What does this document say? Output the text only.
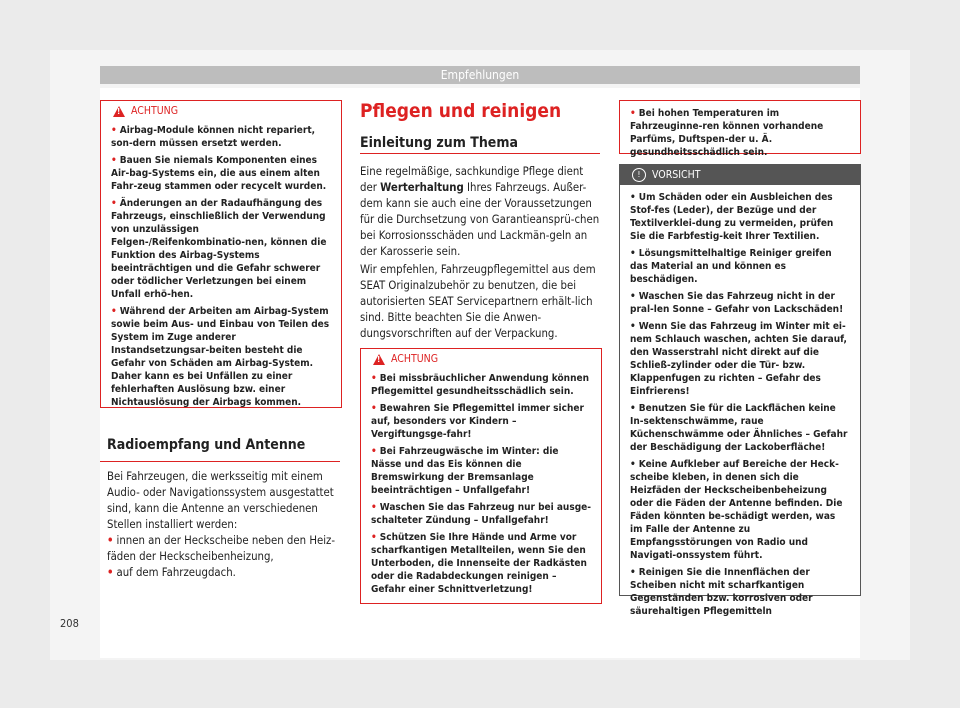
Empfehlungen
!
ACHTUNG
• Airbag-Module können nicht repariert, son-dern müssen ersetzt werden.
• Bauen Sie niemals Komponenten eines Air-bag-Systems ein, die aus einem alten Fahr-zeug stammen oder recycelt wurden.
• Änderungen an der Radaufhängung des Fahrzeugs, einschließlich der Verwendung von unzulässigen Felgen-/Reifenkombinatio-nen, können die Funktion des Airbag-Systems beeinträchtigen und die Gefahr schwerer oder tödlicher Verletzungen bei einem Unfall erhö-hen.
• Während der Arbeiten am Airbag-System sowie beim Aus- und Einbau von Teilen des System im Zuge anderer Instandsetzungsar-beiten besteht die Gefahr von Schäden am Airbag-System. Daher kann es bei Unfällen zu einer fehlerhaften Auslösung bzw. einer Nichtauslösung der Airbags kommen.
Radioempfang und Antenne

Bei Fahrzeugen, die werksseitig mit einem Audio- oder Navigationssystem ausgestattet sind, kann die Antenne an verschiedenen Stellen installiert werden:

• innen an der Heckscheibe neben den Heiz-fäden der Heckscheibenheizung,
• auf dem Fahrzeugdach.
Pflegen und reinigen
Einleitung zum Thema

Eine regelmäßige, sachkundige Pflege dient der Werterhaltung Ihres Fahrzeugs. Außer-dem kann sie auch eine der Voraussetzungen für die Durchsetzung von Garantieansprü-chen bei Korrosionsschäden und Lackmän-geln an der Karosserie sein.

Wir empfehlen, Fahrzeugpflegemittel aus dem SEAT Originalzubehör zu benutzen, die bei autorisierten SEAT Servicepartnern erhält-lich sind. Bitte beachten Sie die Anwen-dungsvorschriften auf der Verpackung.

!
ACHTUNG
• Bei missbräuchlicher Anwendung können Pflegemittel gesundheitsschädlich sein.
• Bewahren Sie Pflegemittel immer sicher auf, besonders vor Kindern – Vergiftungsge-fahr!
• Bei Fahrzeugwäsche im Winter: die Nässe und das Eis können die Bremswirkung der Bremsanlage beeinträchtigen – Unfallgefahr!
• Waschen Sie das Fahrzeug nur bei ausge-schalteter Zündung – Unfallgefahr!
• Schützen Sie Ihre Hände und Arme vor scharfkantigen Metallteilen, wenn Sie den Unterboden, die Innenseite der Radkästen oder die Radabdeckungen reinigen – Gefahr einer Schnittverletzung!
• Bei hohen Temperaturen im Fahrzeuginne-ren können vorhandene Parfüms, Duftspen-der u. Ä. gesundheitsschädlich sein.
!	VORSICHT
• Um Schäden oder ein Ausbleichen des Stof-fes (Leder), der Bezüge und der Textilverklei-dung zu vermeiden, prüfen Sie die Farbfestig-keit Ihrer Textilien.
• Lösungsmittelhaltige Reiniger greifen das Material an und können es beschädigen.
• Waschen Sie das Fahrzeug nicht in der pral-len Sonne – Gefahr von Lackschäden!
• Wenn Sie das Fahrzeug im Winter mit ei-nem Schlauch waschen, achten Sie darauf, den Wasserstrahl nicht direkt auf die Schließ-zylinder oder die Tür- bzw. Klappenfugen zu richten – Gefahr des Einfrierens!
• Benutzen Sie für die Lackflächen keine In-sektenschwämme, raue Küchenschwämme oder Ähnliches – Gefahr der Beschädigung der Lackoberfläche!
• Keine Aufkleber auf Bereiche der Heck-scheibe kleben, in denen sich die Heizfäden der Heckscheibenbeheizung oder die Fäden der Antenne befinden. Die Fäden könnten be-schädigt werden, was im Falle der Antenne zu Empfangsstörungen von Radio und Navigati-onssystem führt.
• Reinigen Sie die Innenflächen der Scheiben nicht mit scharfkantigen Gegenständen bzw. korrosiven oder säurehaltigen Pflegemitteln
208
